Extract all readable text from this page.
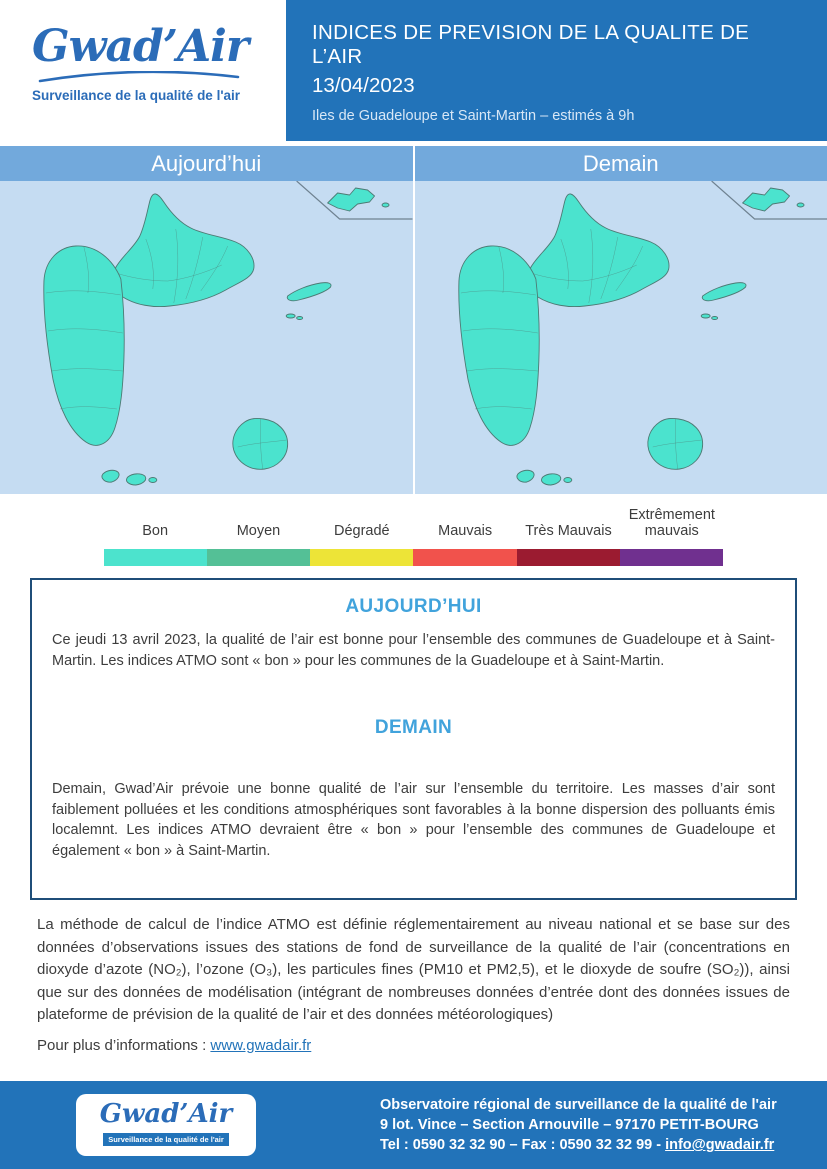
Gwad’Air
Surveillance de la qualité de l'air
INDICES DE PREVISION DE LA QUALITE DE L’AIR
13/04/2023
Iles de Guadeloupe et Saint-Martin – estimés à 9h
Aujourd’hui	Demain
Bon	Moyen	Dégradé	Mauvais	Très Mauvais
Extrêmement mauvais
AUJOURD’HUI

Ce jeudi 13 avril 2023, la qualité de l’air est bonne pour l’ensemble des communes de Guadeloupe et à Saint-Martin. Les indices ATMO sont « bon » pour les communes de la Guadeloupe et à Saint-Martin.

DEMAIN

Demain, Gwad’Air prévoie une bonne qualité de l’air sur l’ensemble du territoire. Les masses d’air sont faiblement polluées et les conditions atmosphériques sont favorables à la bonne dispersion des polluants émis localemnt. Les indices ATMO devraient être « bon » pour l’ensemble des communes de Guadeloupe et également « bon » à Saint-Martin.

La méthode de calcul de l’indice ATMO est définie réglementairement au niveau national et se base sur des données d’observations issues des stations de fond de surveillance de la qualité de l’air (concentrations en dioxyde d’azote (NO₂), l’ozone (O₃), les particules fines (PM10 et PM2,5), et le dioxyde de soufre (SO₂)), ainsi que sur des données de modélisation (intégrant de nombreuses données d’entrée dont des données issues de plateforme de prévision de la qualité de l’air et des données météorologiques)

Pour plus d’informations : www.gwadair.fr

Gwad’Air
Surveillance de la qualité de l'air
Observatoire régional de surveillance de la qualité de l'air
9 lot. Vince – Section Arnouville – 97170 PETIT-BOURG
Tel : 0590 32 32 90 – Fax : 0590 32 32 99 - info@gwadair.fr
